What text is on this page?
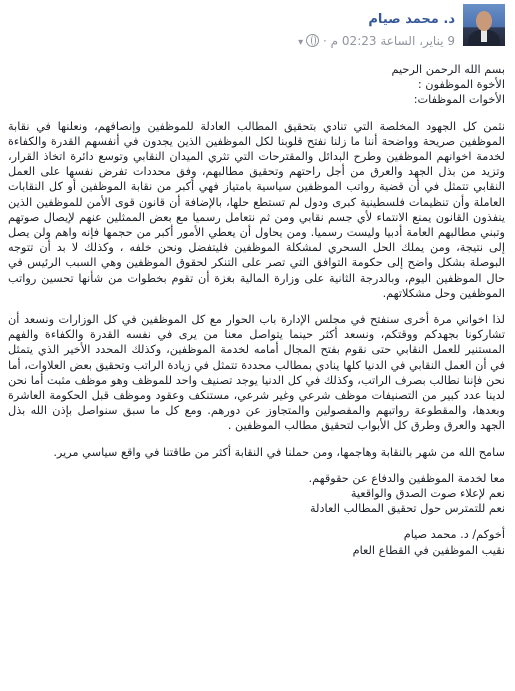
د. محمد صيام
9 يناير، الساعة 02:23 م · ▾

بسم الله الرحمن الرحيم

الأخوة الموظفون :

الأخوات الموظفات:

نثمن كل الجهود المخلصة التي تنادي بتحقيق المطالب العادلة للموظفين وإنصافهم، ونعلنها في نقابة الموظفين صريحة وواضحة أننا ما زلنا نفتح قلوبنا لكل الموظفين الذين يجدون في أنفسهم القدرة والكفاءة لخدمة اخوانهم الموظفين وطرح البدائل والمقترحات التي تثري الميدان النقابي وتوسع دائرة اتخاذ القرار، وتزيد من بذل الجهد والعرق من أجل راحتهم وتحقيق مطالبهم، وفق محددات تفرض نفسها على العمل النقابي تتمثل في أن قضية رواتب الموظفين سياسية بامتياز فهي أكبر من نقابة الموظفين أو كل النقابات العاملة وأن تنظيمات فلسطينية كبرى ودول لم تستطع حلها، بالإضافة أن قانون قوى الأمن للموظفين الذين ينفذون القانون يمنع الانتماء لأي جسم نقابي ومن ثم نتعامل رسميا مع بعض الممثلين عنهم لإيصال صوتهم وتبني مطالبهم العامة أدبيا وليست رسميا. ومن يحاول أن يعطي الأمور أكبر من حجمها فإنه واهم ولن يصل إلى نتيجة، ومن يملك الحل السحري لمشكلة الموظفين فليتفضل ونحن خلفه ، وكذلك لا بد أن تتوجه البوصلة بشكل واضح إلى حكومة التوافق التي تصر على التنكر لحقوق الموظفين وهي السبب الرئيس في حال الموظفين اليوم، وبالدرجة الثانية على وزارة المالية بغزة أن تقوم بخطوات من شأنها تحسين رواتب الموظفين وحل مشكلاتهم.

لذا اخواني مرة أخرى سنفتح في مجلس الإدارة باب الحوار مع كل الموظفين في كل الوزارات ونسعد أن تشاركونا بجهدكم ووقتكم، ونسعد أكثر حينما يتواصل معنا من يرى في نفسه القدرة والكفاءة والفهم المستنير للعمل النقابي حتى نقوم بفتح المجال أمامه لخدمة الموظفين، وكذلك المحدد الأخير الذي يتمثل في أن العمل النقابي في الدنيا كلها ينادي بمطالب محددة تتمثل في زيادة الراتب وتحقيق بعض العلاوات، أما نحن فإننا نطالب بصرف الراتب، وكذلك في كل الدنيا يوجد تصنيف واحد للموظف وهو موظف مثبت أما نحن لدينا عدد كبير من التصنيفات موظف شرعي وغير شرعي، مستنكف وعقود وموظف قبل الحكومة العاشرة وبعدها، والمقطوعة رواتبهم والمفصولين والمتجاوز عن دورهم. ومع كل ما سبق سنواصل بإذن الله بذل الجهد والعرق وطرق كل الأبواب لتحقيق مطالب الموظفين .

سامح الله من شهر بالنقابة وهاجمها، ومن حملنا في النقابة أكثر من طاقتنا في واقع سياسي مرير.

معا لخدمة الموظفين والدفاع عن حقوقهم.

نعم لإعلاء صوت الصدق والواقعية

نعم للتمترس حول تحقيق المطالب العادلة

أخوكم/ د. محمد صيام

نقيب الموظفين في القطاع العام
